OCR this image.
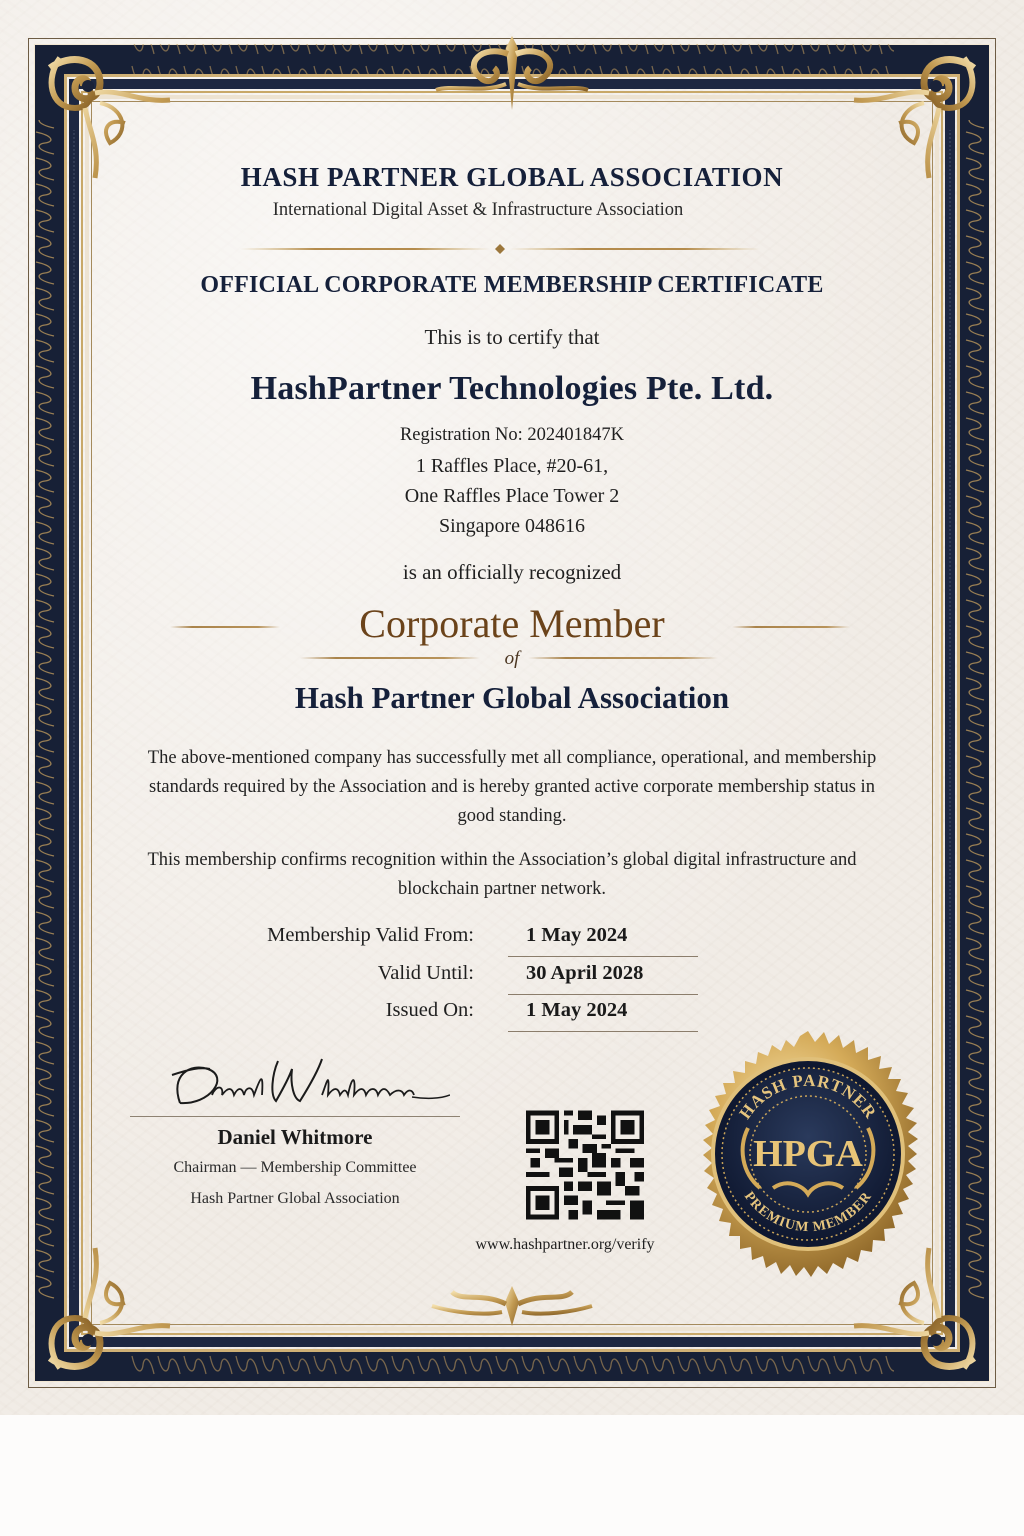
HASH PARTNER GLOBAL ASSOCIATION
International Digital Asset & Infrastructure Association
OFFICIAL CORPORATE MEMBERSHIP CERTIFICATE
This is to certify that
HashPartner Technologies Pte. Ltd.
Registration No: 202401847K
1 Raffles Place, #20-61,
One Raffles Place Tower 2
Singapore 048616
is an officially recognized
Corporate Member
of
Hash Partner Global Association
The above-mentioned company has successfully met all compliance, operational, and membership standards required by the Association and is hereby granted active corporate membership status in good standing.
This membership confirms recognition within the Association’s global digital infrastructure and blockchain partner network.
Membership Valid From:	1 May 2024
Valid Until:	30 April 2028
Issued On:	1 May 2024
Daniel Whitmore
Chairman — Membership Committee
Hash Partner Global Association
www.hashpartner.org/verify
HASH PARTNER
PREMIUM MEMBER
HPGA
